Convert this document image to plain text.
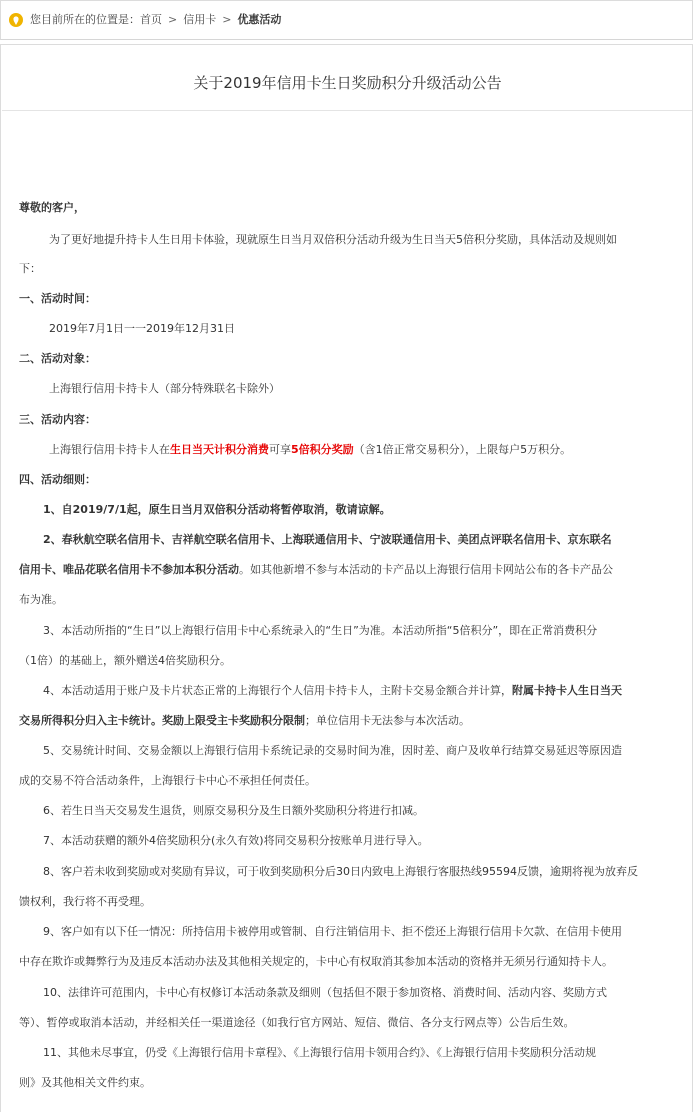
您目前所在的位置是： 首页 > 信用卡 > 优惠活动
关于2019年信用卡生日奖励积分升级活动公告
尊敬的客户，
为了更好地提升持卡人生日用卡体验，现就原生日当月双倍积分活动升级为生日当天5倍积分奖励，具体活动及规则如
下：
一、活动时间：
2019年7月1日一一2019年12月31日
二、活动对象：
上海银行信用卡持卡人（部分特殊联名卡除外）
三、活动内容：
上海银行信用卡持卡人在生日当天计积分消费可享5倍积分奖励（含1倍正常交易积分），上限每户5万积分。
四、活动细则：
1、自2019/7/1起，原生日当月双倍积分活动将暂停取消，敬请谅解。
2、春秋航空联名信用卡、吉祥航空联名信用卡、上海联通信用卡、宁波联通信用卡、美团点评联名信用卡、京东联名
信用卡、唯品花联名信用卡不参加本积分活动。如其他新增不参与本活动的卡产品以上海银行信用卡网站公布的各卡产品公
布为准。
3、本活动所指的“生日”以上海银行信用卡中心系统录入的“生日”为准。本活动所指“5倍积分”，即在正常消费积分
（1倍）的基础上，额外赠送4倍奖励积分。
4、本活动适用于账户及卡片状态正常的上海银行个人信用卡持卡人，主附卡交易金额合并计算，附属卡持卡人生日当天
交易所得积分归入主卡统计。奖励上限受主卡奖励积分限制；单位信用卡无法参与本次活动。
5、交易统计时间、交易金额以上海银行信用卡系统记录的交易时间为准，因时差、商户及收单行结算交易延迟等原因造
成的交易不符合活动条件，上海银行卡中心不承担任何责任。
6、若生日当天交易发生退货，则原交易积分及生日额外奖励积分将进行扣减。
7、本活动获赠的额外4倍奖励积分(永久有效)将同交易积分按账单月进行导入。
8、客户若未收到奖励或对奖励有异议，可于收到奖励积分后30日内致电上海银行客服热线95594反馈，逾期将视为放弃反
馈权利，我行将不再受理。
9、客户如有以下任一情况：所持信用卡被停用或管制、自行注销信用卡、拒不偿还上海银行信用卡欠款、在信用卡使用
中存在欺诈或舞弊行为及违反本活动办法及其他相关规定的，卡中心有权取消其参加本活动的资格并无须另行通知持卡人。
10、法律许可范围内，卡中心有权修订本活动条款及细则（包括但不限于参加资格、消费时间、活动内容、奖励方式
等）、暂停或取消本活动，并经相关任一渠道途径（如我行官方网站、短信、微信、各分支行网点等）公告后生效。
11、其他未尽事宜，仍受《上海银行信用卡章程》、《上海银行信用卡领用合约》、《上海银行信用卡奖励积分活动规
则》及其他相关文件约束。
